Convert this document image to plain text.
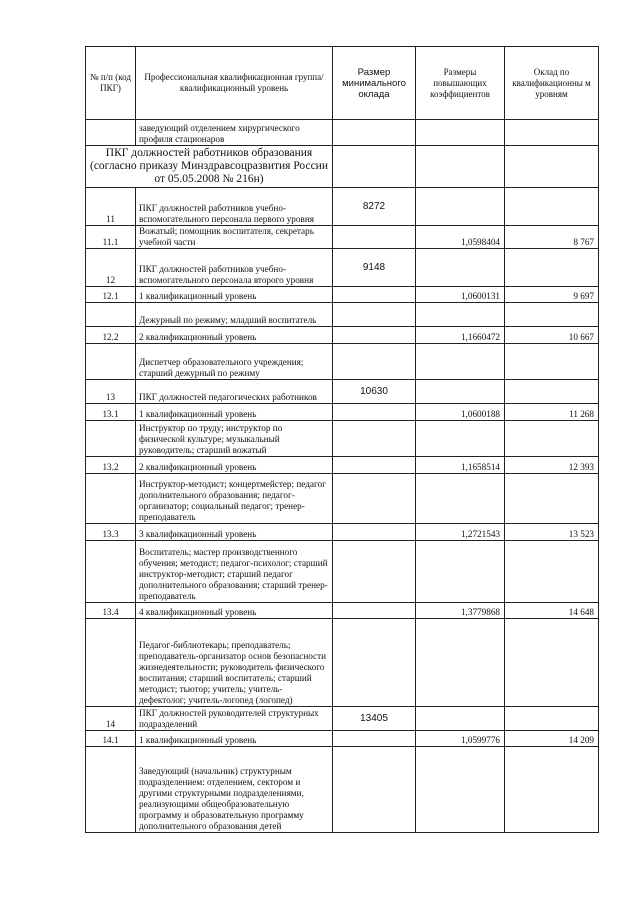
№ п/п (код ПКГ)	Профессиональная квалификационная группа/квалификационный уровень	Размер минимального оклада	Размеры повышающих коэффициентов	Оклад по квалификационны м уровням
	заведующий отделением хирургического профиля стационаров			
ПКГ должностей работников образования (согласно приказу Минздравсоцразвития России от 05.05.2008 № 216н)				
11	ПКГ должностей работников учебно-вспомогательного персонала первого уровня	8272		
11.1	Вожатый; помощник воспитателя, секретарь учебной части		1,0598404	8 767
12	ПКГ должностей работников учебно-вспомогательного персонала второго уровня	9148		
12.1	1 квалификационный уровень		1,0600131	9 697
	Дежурный по режиму; младший воспитатель			
12.2	2 квалификационный уровень		1,1660472	10 667
	Диспетчер образовательного учреждения; старший дежурный по режиму			
13	ПКГ должностей педагогических работников	10630		
13.1	1 квалификационный уровень		1,0600188	11 268
	Инструктор по труду; инструктор по физической культуре; музыкальный руководитель; старший вожатый			
13.2	2 квалификационный уровень		1,1658514	12 393
	Инструктор-методист; концертмейстер; педагог дополнительного образования; педагог-организатор; социальный педагог; тренер-преподаватель			
13.3	3 квалификационный уровень		1,2721543	13 523
	Воспитатель; мастер производственного обучения; методист; педагог-психолог; старший инструктор-методист; старший педагог дополнительного образования; старший тренер-преподаватель			
13.4	4 квалификационный уровень		1,3779868	14 648
	Педагог-библиотекарь; преподаватель; преподаватель-организатор основ безопасности жизнедеятельности; руководитель физического воспитания; старший воспитатель; старший методист; тьютор; учитель; учитель-дефектолог; учитель-логопед (логопед)			
14	ПКГ должностей руководителей структурных подразделений	13405		
14.1	1 квалификационный уровень		1,0599776	14 209
	Заведующий (начальник) структурным подразделением: отделением, сектором и другими структурными подразделениями, реализующими общеобразовательную программу и образовательную программу дополнительного образования детей			
